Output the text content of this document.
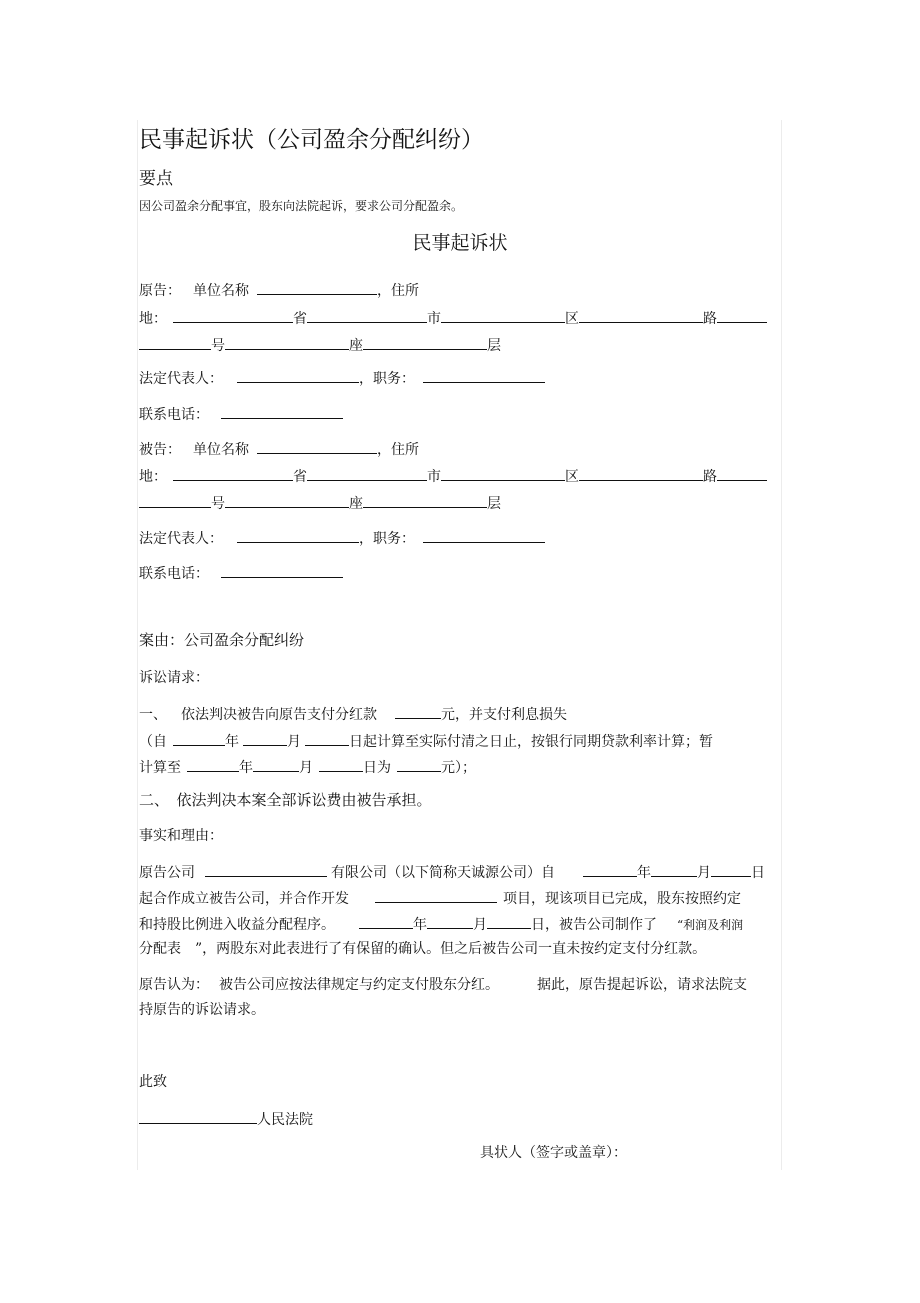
民事起诉状（公司盈余分配纠纷）
要点
因公司盈余分配事宜，股东向法院起诉，要求公司分配盈余。
民事起诉状
原告： 单位名称	，住所
地：	省	市	区	路
号	座	层
法定代表人：	，职务：
联系电话：
被告： 单位名称	，住所
地：	省	市	区	路
号	座	层
法定代表人：	，职务：
联系电话：
案由：公司盈余分配纠纷
诉讼请求：
一、 依法判决被告向原告支付分红款	元，并支付利息损失
（自	年	月	日起计算至实际付清之日止，按银行同期贷款利率计算；暂
计算至	年	月	日为	元）；
二、　依法判决本案全部诉讼费由被告承担。
事实和理由：
原告公司	有限公司（以下简称天诚源公司）自	年	月	日
起合作成立被告公司，并合作开发	项目，现该项目已完成，股东按照约定
和持股比例进入收益分配程序。	年	月	日，被告公司制作了 “利润及利润
分配表　”，两股东对此表进行了有保留的确认。但之后被告公司一直未按约定支付分红款。
原告认为： 被告公司应按法律规定与约定支付股东分红。	据此，原告提起诉讼，请求法院支
持原告的诉讼请求。
此致
人民法院
具状人（签字或盖章）：
